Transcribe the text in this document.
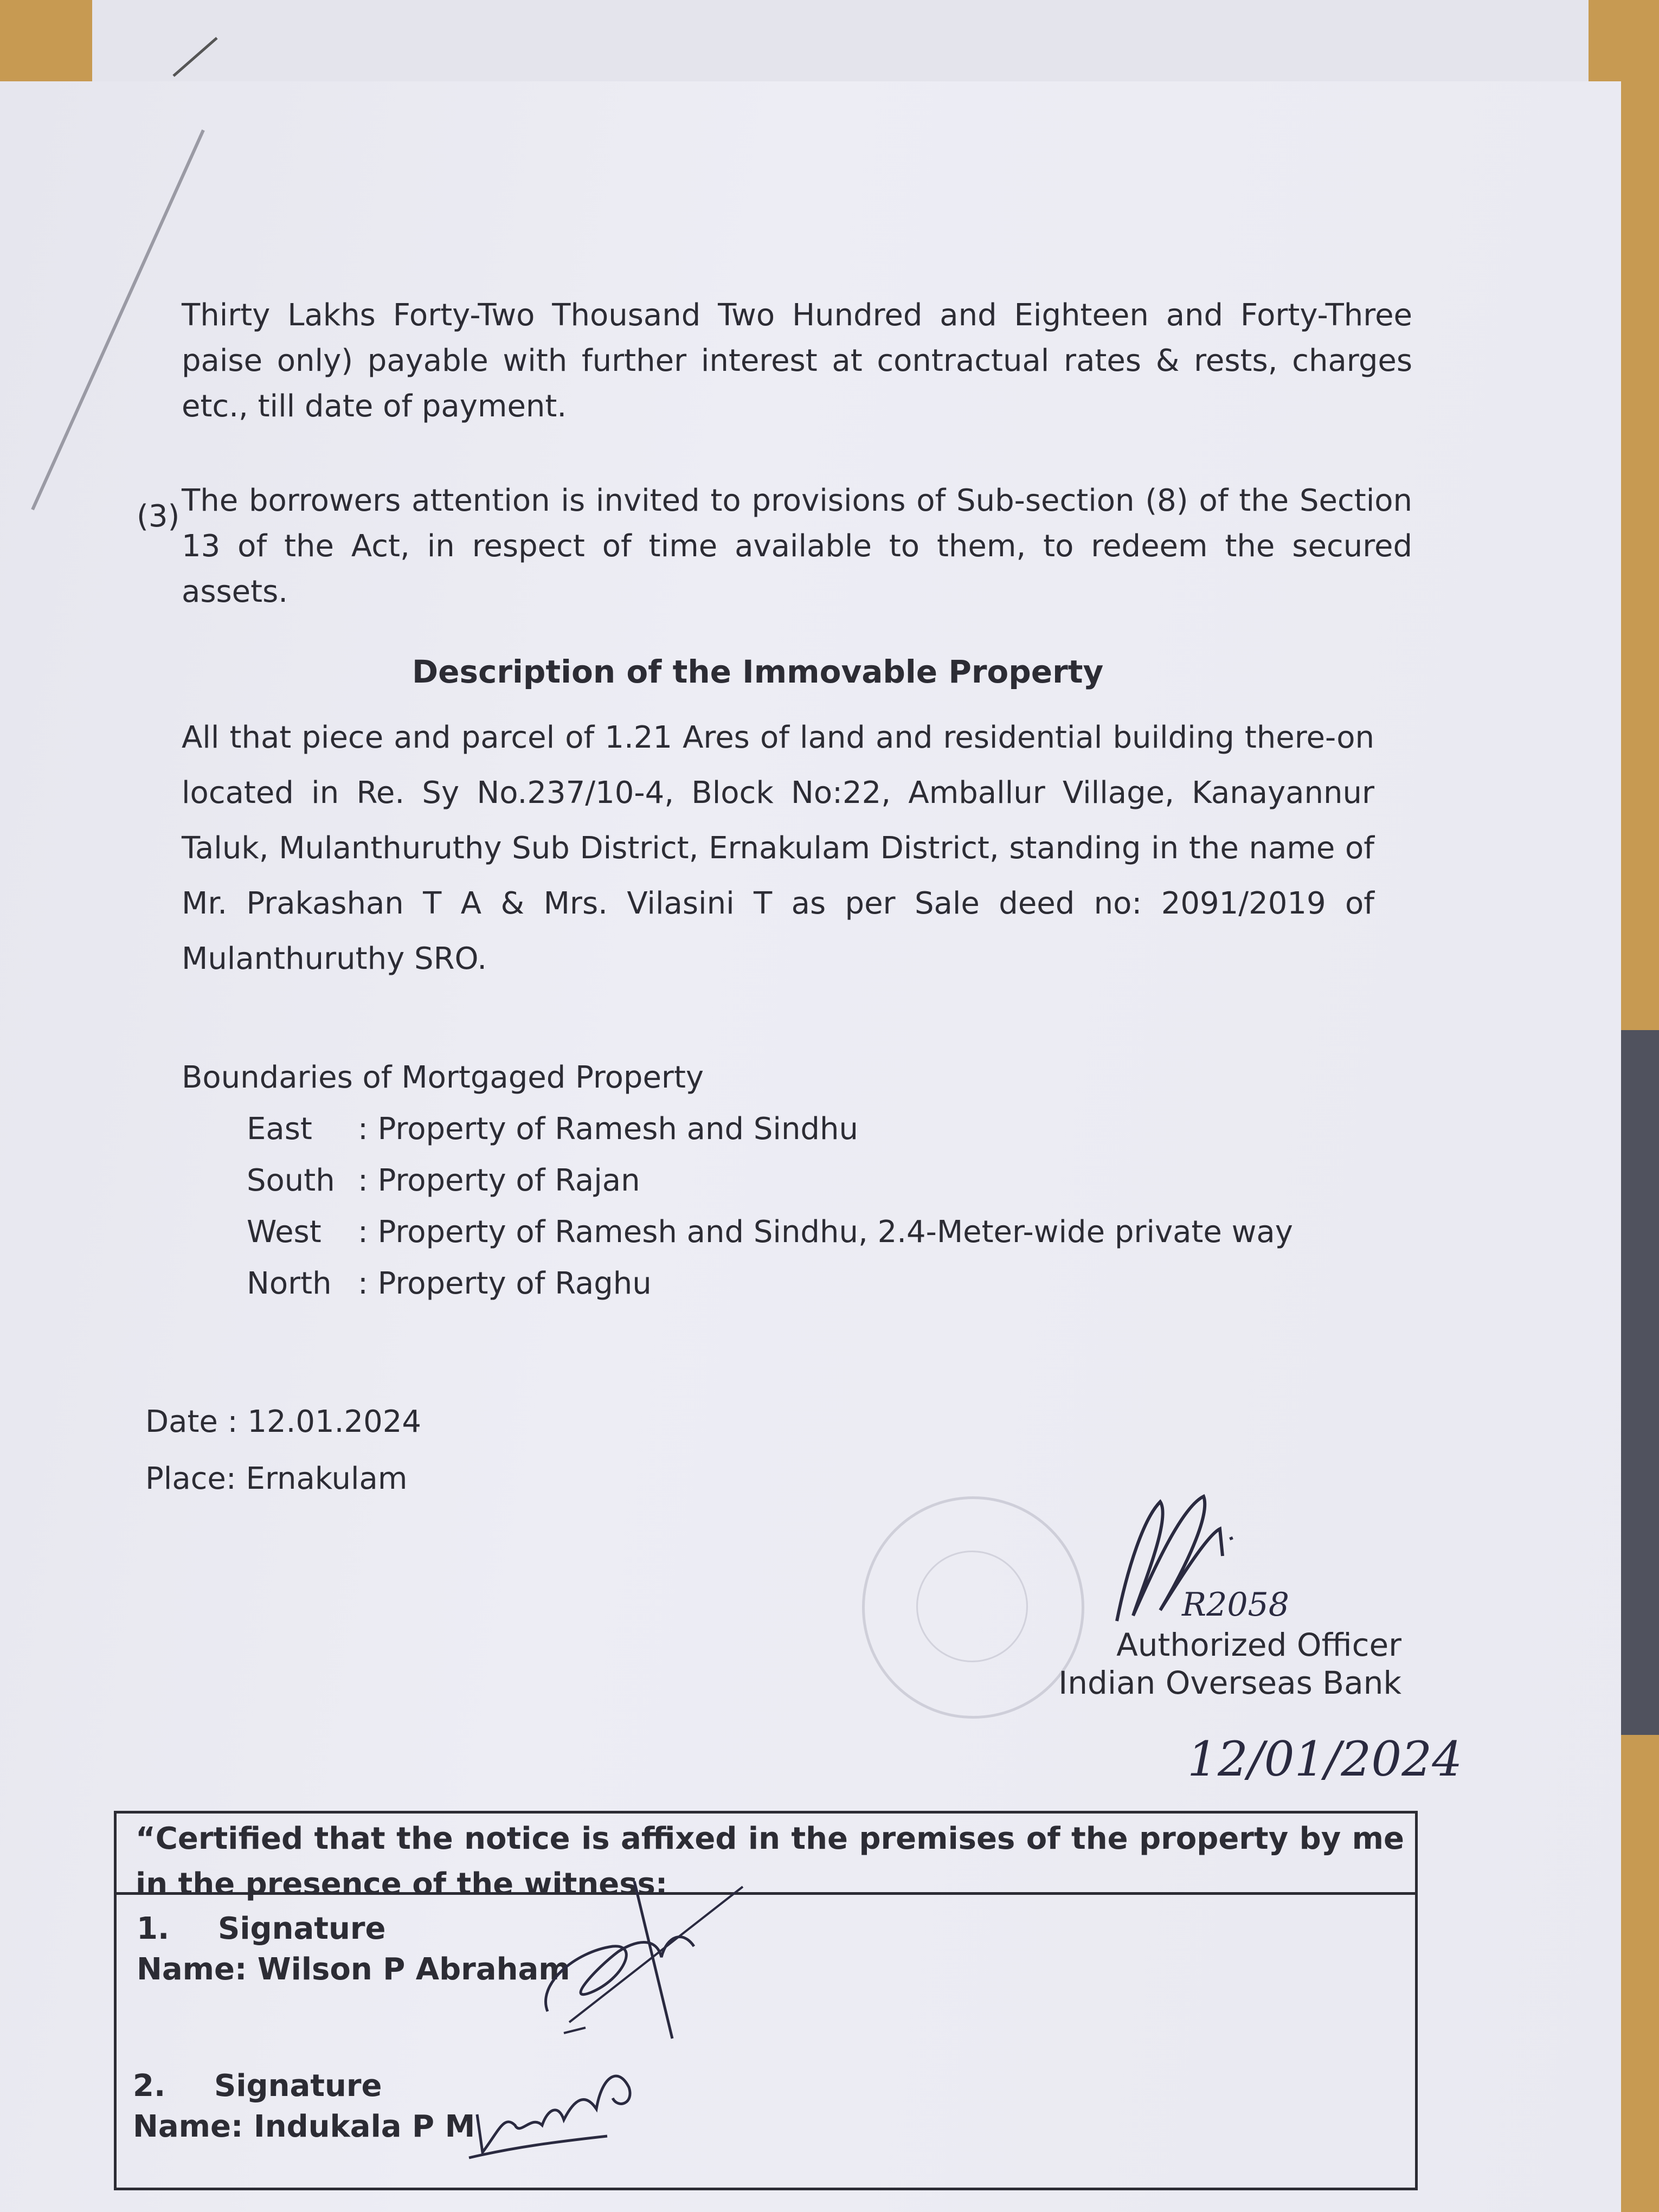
Thirty Lakhs Forty-Two Thousand Two Hundred and Eighteen and Forty-Three paise only) payable with further interest at contractual rates & rests, charges etc., till date of payment.

(3) The borrowers attention is invited to provisions of Sub-section (8) of the Section 13 of the Act, in respect of time available to them, to redeem the secured assets.

Description of the Immovable Property

All that piece and parcel of 1.21 Ares of land and residential building there-on located in Re. Sy No.237/10-4, Block No:22, Amballur Village, Kanayannur Taluk, Mulanthuruthy Sub District, Ernakulam District, standing in the name of Mr. Prakashan T A & Mrs. Vilasini T as per Sale deed no: 2091/2019 of Mulanthuruthy SRO.

Boundaries of Mortgaged Property

East : Property of Ramesh and Sindhu

South : Property of Rajan

West : Property of Ramesh and Sindhu, 2.4-Meter-wide private way

North : Property of Raghu

Date : 12.01.2024

Place: Ernakulam

R2058

Authorized Officer

Indian Overseas Bank

12/01/2024

“Certified that the notice is affixed in the premises of the property by me in the presence of the witness:

1. Signature

Name: Wilson P Abraham

2. Signature

Name: Indukala P M
